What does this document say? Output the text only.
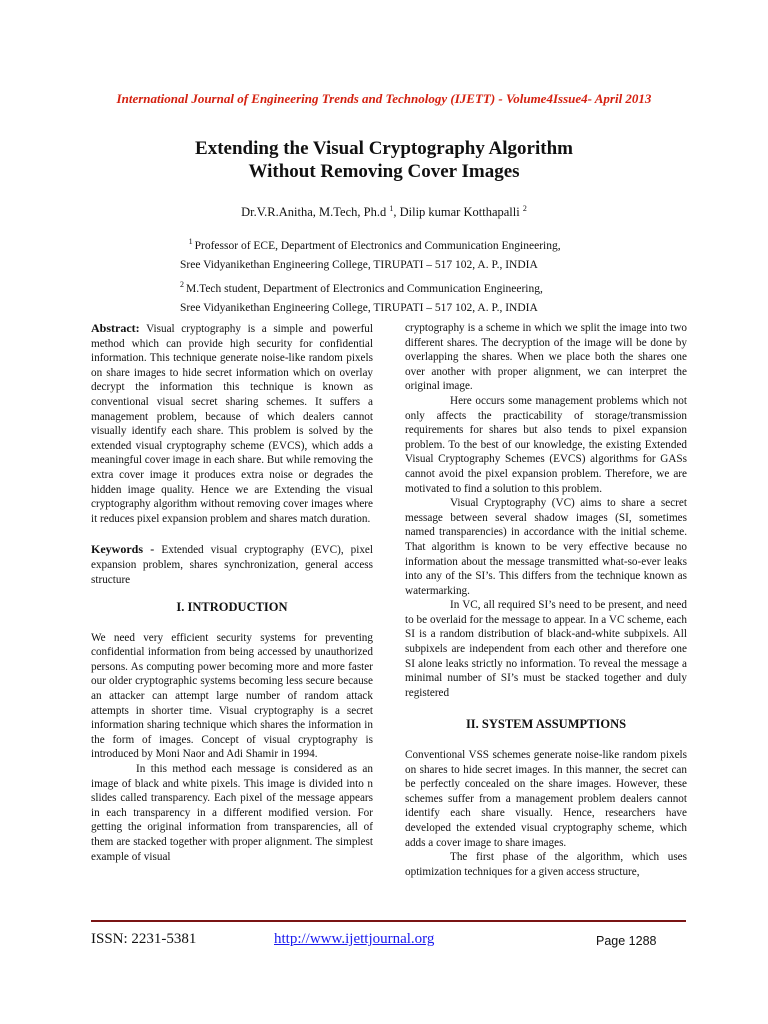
International Journal of Engineering Trends and Technology (IJETT) - Volume4Issue4- April 2013
Extending the Visual Cryptography Algorithm
Without Removing Cover Images
Dr.V.R.Anitha, M.Tech, Ph.d $^1$, Dilip kumar Kotthapalli $^2$
$^1$ Professor of ECE, Department of Electronics and Communication Engineering,
Sree Vidyanikethan Engineering College, TIRUPATI – 517 102, A. P., INDIA
$^2$ M.Tech student, Department of Electronics and Communication Engineering,
Sree Vidyanikethan Engineering College, TIRUPATI – 517 102, A. P., INDIA

Abstract: Visual cryptography is a simple and powerful method which can provide high security for confidential information. This technique generate noise-like random pixels on share images to hide secret information which on overlay decrypt the information this technique is known as conventional visual secret sharing schemes. It suffers a management problem, because of which dealers cannot visually identify each share. This problem is solved by the extended visual cryptography scheme (EVCS), which adds a meaningful cover image in each share. But while removing the extra cover image it produces extra noise or degrades the hidden image quality. Hence we are Extending the visual cryptography algorithm without removing cover images where it reduces pixel expansion problem and shares match duration.

Keywords - Extended visual cryptography (EVC), pixel expansion problem, shares synchronization, general access structure

I. INTRODUCTION

We need very efficient security systems for preventing confidential information from being accessed by unauthorized persons. As computing power becoming more and more faster our older cryptographic systems becoming less secure because an attacker can attempt large number of random attack attempts in shorter time. Visual cryptography is a secret information sharing technique which shares the information in the form of images. Concept of visual cryptography is introduced by Moni Naor and Adi Shamir in 1994.

In this method each message is considered as an image of black and white pixels. This image is divided into n slides called transparency. Each pixel of the message appears in each transparency in a different modified version. For getting the original information from transparencies, all of them are stacked together with proper alignment. The simplest example of visual

cryptography is a scheme in which we split the image into two different shares. The decryption of the image will be done by overlapping the shares. When we place both the shares one over another with proper alignment, we can interpret the original image.

Here occurs some management problems which not only affects the practicability of storage/transmission requirements for shares but also tends to pixel expansion problem. To the best of our knowledge, the existing Extended Visual Cryptography Schemes (EVCS) algorithms for GASs cannot avoid the pixel expansion problem. Therefore, we are motivated to find a solution to this problem.

Visual Cryptography (VC) aims to share a secret message between several shadow images (SI, sometimes named transparencies) in accordance with the initial scheme. That algorithm is known to be very effective because no information about the message transmitted what-so-ever leaks into any of the SI’s. This differs from the technique known as watermarking.

In VC, all required SI’s need to be present, and need to be overlaid for the message to appear. In a VC scheme, each SI is a random distribution of black-and-white subpixels. All subpixels are independent from each other and therefore one SI alone leaks strictly no information. To reveal the message a minimal number of SI’s must be stacked together and duly registered

II. SYSTEM ASSUMPTIONS

Conventional VSS schemes generate noise-like random pixels on shares to hide secret images. In this manner, the secret can be perfectly concealed on the share images. However, these schemes suffer from a management problem dealers cannot identify each share visually. Hence, researchers have developed the extended visual cryptography scheme, which adds a cover image to share images.

The first phase of the algorithm, which uses optimization techniques for a given access structure,

ISSN: 2231-5381	http://www.ijettjournal.org	Page 1288
